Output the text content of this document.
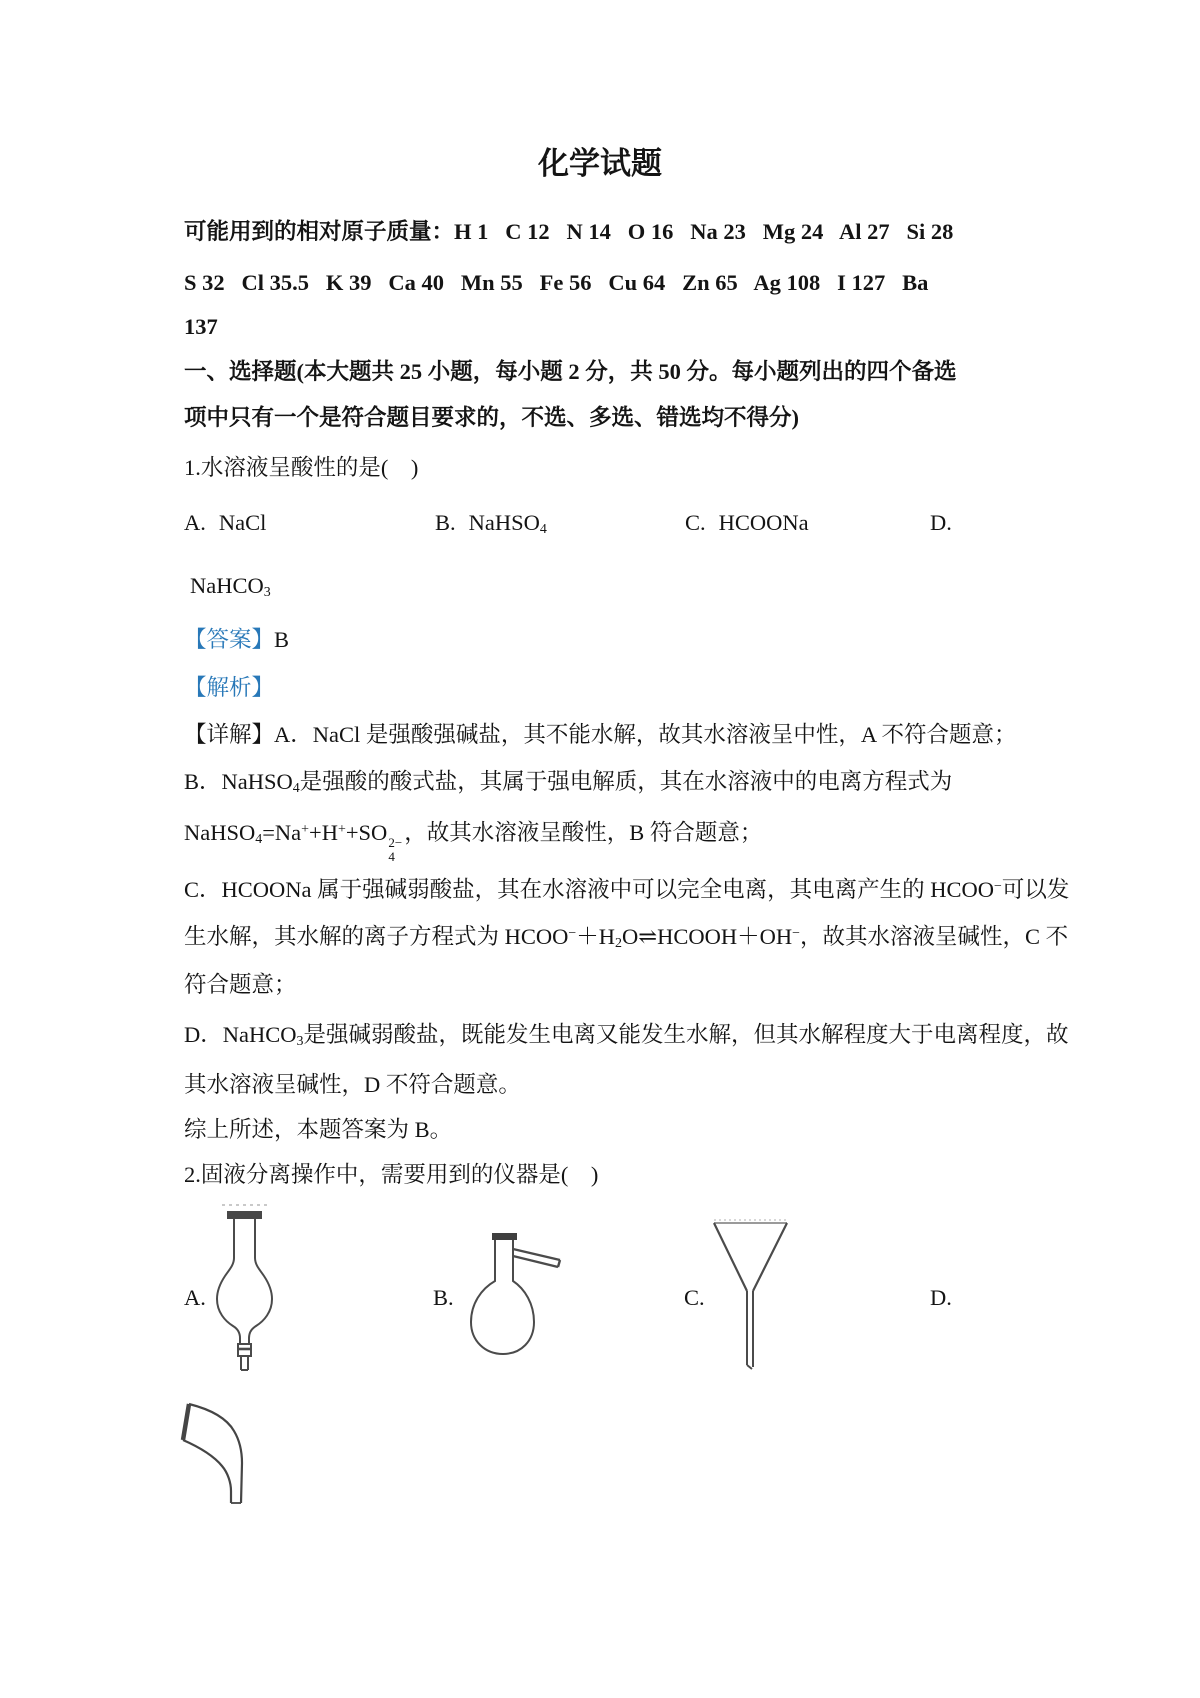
化学试题
可能用到的相对原子质量：H 1   C 12   N 14   O 16   Na 23   Mg 24   Al 27   Si 28
S 32   Cl 35.5   K 39   Ca 40   Mn 55   Fe 56   Cu 64   Zn 65   Ag 108   I 127   Ba
137
一、选择题(本大题共 25 小题，每小题 2 分，共 50 分。每小题列出的四个备选
项中只有一个是符合题目要求的，不选、多选、错选均不得分)
1.水溶液呈酸性的是(    )

A. NaCl

	B. NaHSO$_4$

	C. HCOONa

	D.

NaHCO$_3$
【答案】B
【解析】
【详解】A．NaCl 是强酸强碱盐，其不能水解，故其水溶液呈中性，A 不符合题意；
B．NaHSO$_4$是强酸的酸式盐，其属于强电解质，其在水溶液中的电离方程式为
NaHSO$_4$=Na++H++SO 2−
4
，故其水溶液呈酸性，B 符合题意；
C．HCOONa 属于强碱弱酸盐，其在水溶液中可以完全电离，其电离产生的 HCOO−可以发
生水解，其水解的离子方程式为 $HCOO^-+H_2O\rightleftharpoons HCOOH+OH^-$，故其水溶液呈碱性，C 不
符合题意；
D．NaHCO$_3$是强碱弱酸盐，既能发生电离又能发生水解，但其水解程度大于电离程度，故
其水溶液呈碱性，D 不符合题意。
综上所述，本题答案为 B。
2.固液分离操作中，需要用到的仪器是(    )
A.	B.	C.	D.
